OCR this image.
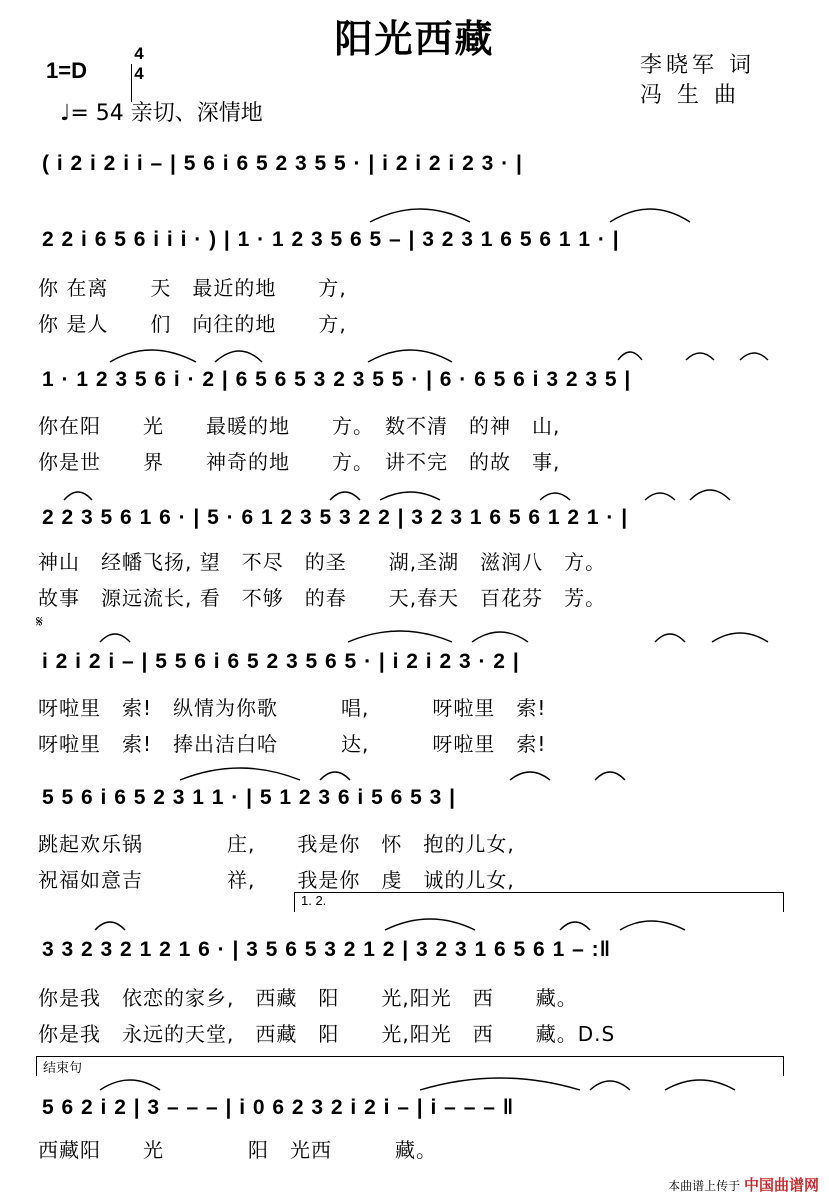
阳光西藏
1=D
4
4
♩= 54 亲切、深情地
李晓军 词
冯 生 曲
( i 2 i 2 i i – | 5 6 i 6 5 2 3 5 5 · | i 2 i 2 i 2 3 · |
2 2 i 6 5 6 i i i · ) | 1 · 1 2 3 5 6 5 – | 3 2 3 1 6 5 6 1 1 · |
你 在离　　天　最近的地　　方,
你 是人　　们　向往的地　　方,
1 · 1 2 3 5 6 i · 2 | 6 5 6 5 3 2 3 5 5 · | 6 · 6 5 6 i 3 2 3 5 |
你在阳　　光　　最暖的地　　方。　数不清　的神　山,
你是世　　界　　神奇的地　　方。　讲不完　的故　事,
2 2 3 5 6 1 6 · | 5 · 6 1 2 3 5 3 2 2 | 3 2 3 1 6 5 6 1 2 1 · |
神山　经幡飞扬, 望　不尽　的圣　　湖,圣湖　滋润八　方。
故事　源远流长, 看　不够　的春　　天,春天　百花芬　芳。
𝄋
i 2 i 2 i – | 5 5 6 i 6 5 2 3 5 6 5 · | i 2 i 2 3 · 2 |
呀啦里　索!　纵情为你歌　　　唱,　　　呀啦里　索!
呀啦里　索!　捧出洁白哈　　　达,　　　呀啦里　索!
5 5 6 i 6 5 2 3 1 1 · | 5 1 2 3 6 i 5 6 5 3 |
跳起欢乐锅　　　　庄,　　我是你　怀　抱的儿女,
祝福如意吉　　　　祥,　　我是你　虔　诚的儿女,
1. 2.
3 3 2 3 2 1 2 1 6 · | 3 5 6 5 3 2 1 2 | 3 2 3 1 6 5 6 1 – :‖
你是我　依恋的家乡,　西藏　阳　　光,阳光　西　　藏。
你是我　永远的天堂,　西藏　阳　　光,阳光　西　　藏。D.S
结束句
5 6 2 i 2 | 3 – – – | i 0 6 2 3 2 i 2 i – | i – – – ‖
西藏阳　　光　　　　阳　光西　　　藏。
本曲谱上传于 中国曲谱网
